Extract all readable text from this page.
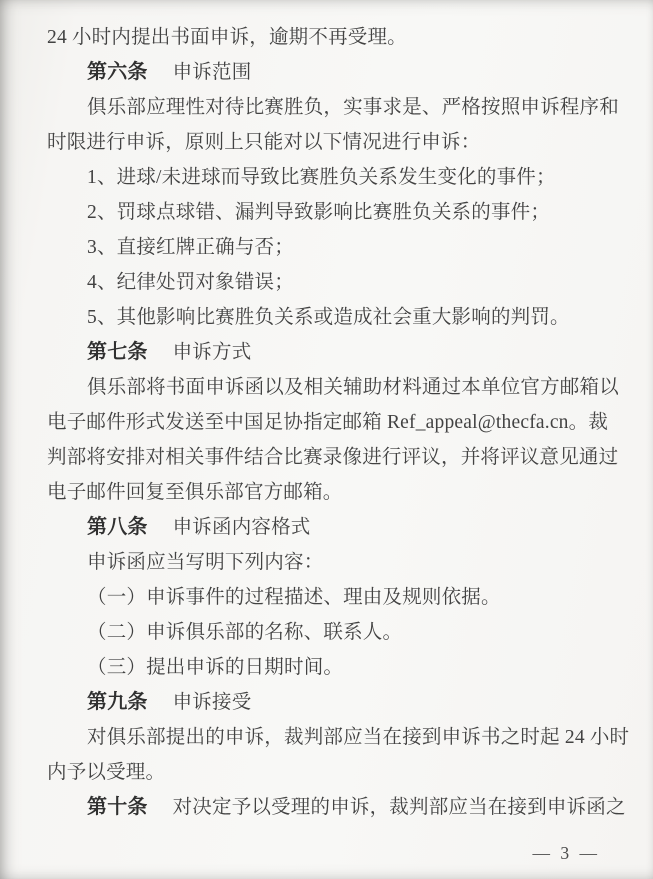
24 小时内提出书面申诉，逾期不再受理。
第六条 申诉范围
俱乐部应理性对待比赛胜负，实事求是、严格按照申诉程序和
时限进行申诉，原则上只能对以下情况进行申诉：
1、进球/未进球而导致比赛胜负关系发生变化的事件；
2、罚球点球错、漏判导致影响比赛胜负关系的事件；
3、直接红牌正确与否；
4、纪律处罚对象错误；
5、其他影响比赛胜负关系或造成社会重大影响的判罚。
第七条 申诉方式
俱乐部将书面申诉函以及相关辅助材料通过本单位官方邮箱以
电子邮件形式发送至中国足协指定邮箱 Ref_appeal@thecfa.cn。裁
判部将安排对相关事件结合比赛录像进行评议，并将评议意见通过
电子邮件回复至俱乐部官方邮箱。
第八条 申诉函内容格式
申诉函应当写明下列内容：
（一）申诉事件的过程描述、理由及规则依据。
（二）申诉俱乐部的名称、联系人。
（三）提出申诉的日期时间。
第九条 申诉接受
对俱乐部提出的申诉，裁判部应当在接到申诉书之时起 24 小时
内予以受理。
第十条 对决定予以受理的申诉，裁判部应当在接到申诉函之
— 3 —
